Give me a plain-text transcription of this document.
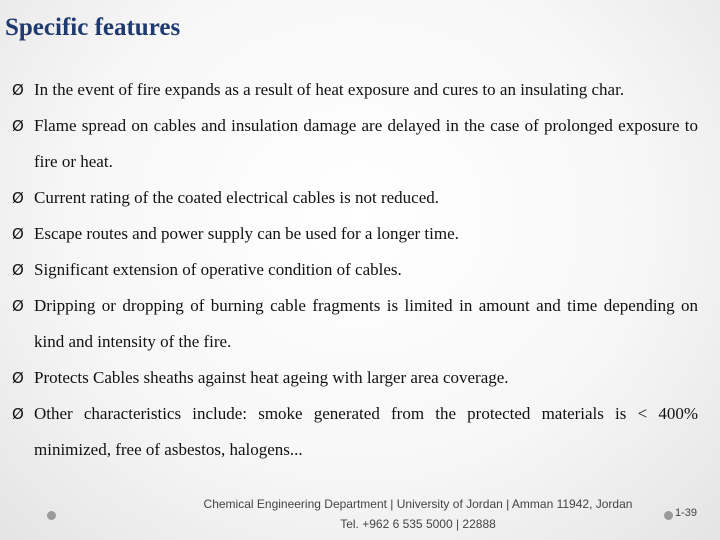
Specific features
Ø In the event of fire expands as a result of heat exposure and cures to an insulating char.
Ø Flame spread on cables and insulation damage are delayed in the case of prolonged exposure to fire or heat.
Ø Current rating of the coated electrical cables is not reduced.
Ø Escape routes and power supply can be used for a longer time.
Ø Significant extension of operative condition of cables.
Ø Dripping or dropping of burning cable fragments is limited in amount and time depending on kind and intensity of the fire.
Ø Protects Cables sheaths against heat ageing with larger area coverage.
Ø Other characteristics include: smoke generated from the protected materials is < 400% minimized, free of asbestos, halogens...
Chemical Engineering Department | University of Jordan | Amman 11942, Jordan
Tel. +962 6 535 5000 | 22888
1-39
